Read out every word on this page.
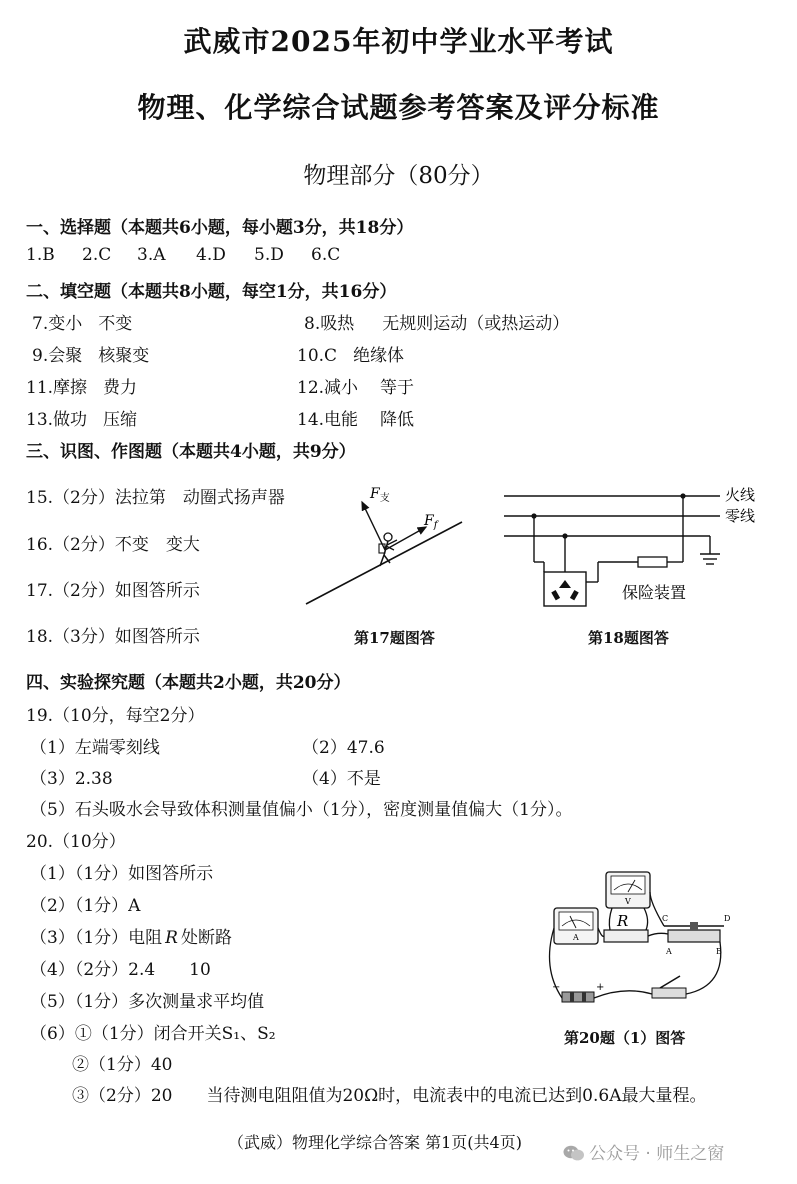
武威市2025年初中学业水平考试
物理、化学综合试题参考答案及评分标准
物理部分（80分）
一、选择题（本题共6小题，每小题3分，共18分）
1.B 2.C 3.A 4.D 5.D 6.C
二、填空题（本题共8小题，每空1分，共16分）
7.变小 不变	8.吸热 无规则运动（或热运动）
9.会聚 核聚变	10.C 绝缘体
11.摩擦 费力	12.减小 等于
13.做功 压缩	14.电能 降低
三、识图、作图题（本题共4小题，共9分）
15.（2分）法拉第　动圈式扬声器
16.（2分）不变　变大
17.（2分）如图答所示
18.（3分）如图答所示
$F_支$
$F_f$
第17题图答
火线
零线
保险装置
第18题图答
四、实验探究题（本题共2小题，共20分）
19.（10分，每空2分）
（1）左端零刻线	（2）47.6
（3）2.38	（4）不是
（5）石头吸水会导致体积测量值偏小（1分），密度测量值偏大（1分）。
20.（10分）
（1）（1分）如图答所示
（2）（1分）A
（3）（1分）电阻 R 处断路
（4）（2分）2.4　　10
（5）（1分）多次测量求平均值
（6）①（1分）闭合开关S₁、S₂
②（1分）40
③（2分）20　　当待测电阻阻值为20Ω时，电流表中的电流已达到0.6A最大量程。
V
A
R	C	D
A	B
−	+
第20题（1）图答
（武威）物理化学综合答案 第1页(共4页)
公众号 · 师生之窗
